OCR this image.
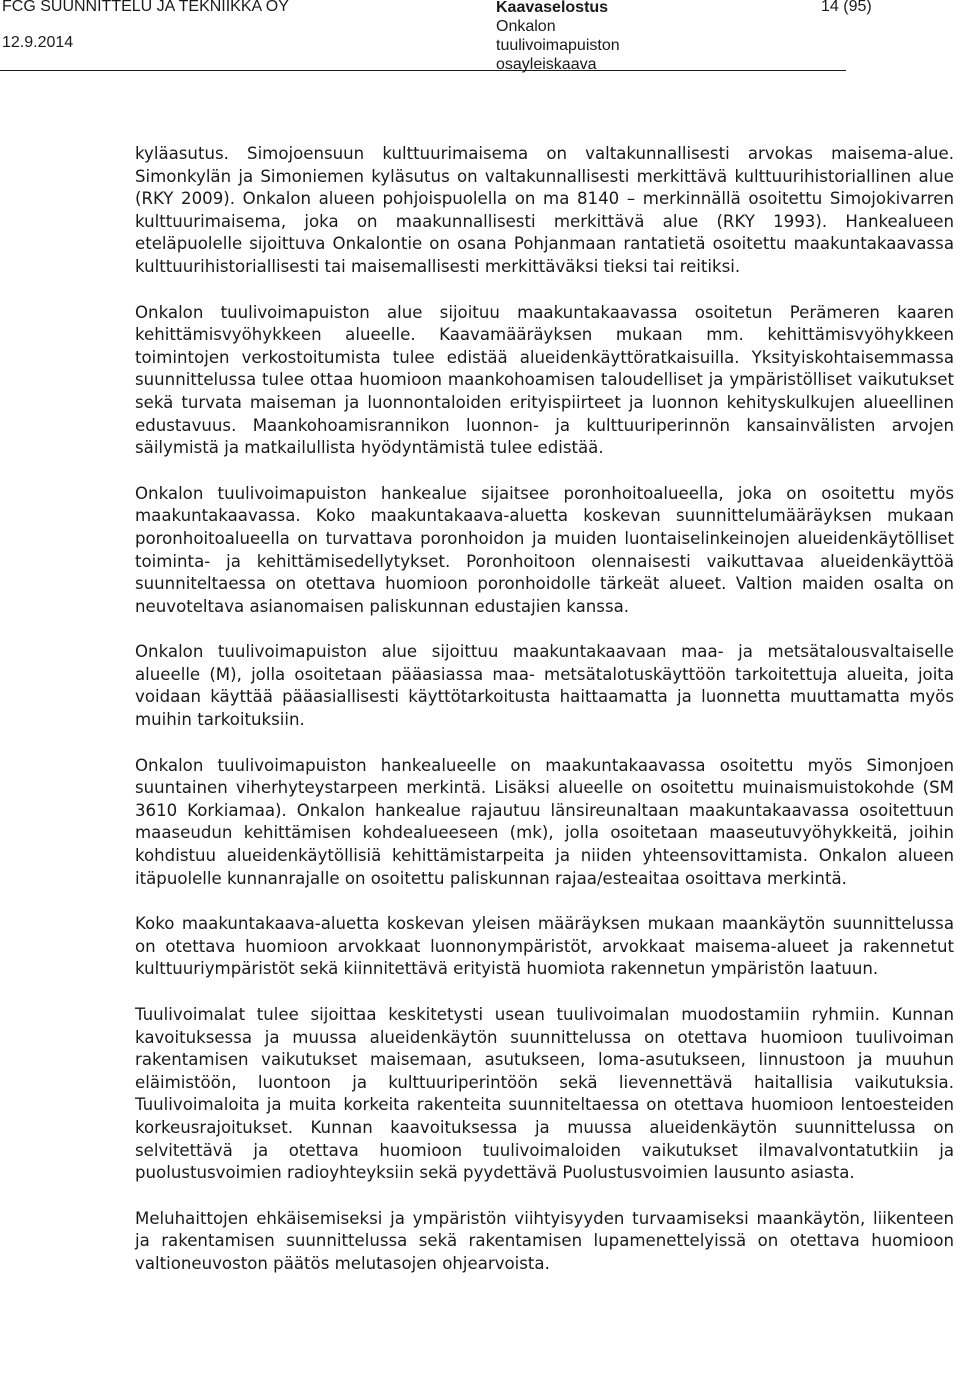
FCG SUUNNITTELU JA TEKNIIKKA OY
12.9.2014
Kaavaselostus
Onkalon
tuulivoimapuiston
osayleiskaava
14 (95)

kyläasutus. Simojoensuun kulttuurimaisema on valtakunnallisesti arvokas maisema-alue. Simonkylän ja Simoniemen kyläsutus on valtakunnallisesti merkittävä kulttuurihistoriallinen alue (RKY 2009). Onkalon alueen pohjoispuolella on ma 8140 – merkinnällä osoitettu Simojokivarren kulttuurimaisema, joka on maakunnallisesti merkittävä alue (RKY 1993). Hankealueen eteläpuolelle sijoittuva Onkalontie on osana Pohjanmaan rantatietä osoitettu maakuntakaavassa kulttuurihistoriallisesti tai maisemallisesti merkittäväksi tieksi tai reitiksi.

Onkalon tuulivoimapuiston alue sijoituu maakuntakaavassa osoitetun Perämeren kaaren kehittämisvyöhykkeen alueelle. Kaavamääräyksen mukaan mm. kehittämisvyöhykkeen toimintojen verkostoitumista tulee edistää alueidenkäyttöratkaisuilla. Yksityiskohtaisemmassa suunnittelussa tulee ottaa huomioon maankohoamisen taloudelliset ja ympäristölliset vaikutukset sekä turvata maiseman ja luonnontaloiden erityispiirteet ja luonnon kehityskulkujen alueellinen edustavuus. Maankohoamisrannikon luonnon- ja kulttuuriperinnön kansainvälisten arvojen säilymistä ja matkailullista hyödyntämistä tulee edistää.

Onkalon tuulivoimapuiston hankealue sijaitsee poronhoitoalueella, joka on osoitettu myös maakuntakaavassa. Koko maakuntakaava-aluetta koskevan suunnittelumääräyksen mukaan poronhoitoalueella on turvattava poronhoidon ja muiden luontaiselinkeinojen alueidenkäytölliset toiminta- ja kehittämisedellytykset. Poronhoitoon olennaisesti vaikuttavaa alueidenkäyttöä suunniteltaessa on otettava huomioon poronhoidolle tärkeät alueet. Valtion maiden osalta on neuvoteltava asianomaisen paliskunnan edustajien kanssa.

Onkalon tuulivoimapuiston alue sijoittuu maakuntakaavaan maa- ja metsätalousvaltaiselle alueelle (M), jolla osoitetaan pääasiassa maa- metsätalotuskäyttöön tarkoitettuja alueita, joita voidaan käyttää pääasiallisesti käyttötarkoitusta haittaamatta ja luonnetta muuttamatta myös muihin tarkoituksiin.

Onkalon tuulivoimapuiston hankealueelle on maakuntakaavassa osoitettu myös Simonjoen suuntainen viherhyteystarpeen merkintä. Lisäksi alueelle on osoitettu muinaismuistokohde (SM 3610 Korkiamaa). Onkalon hankealue rajautuu länsireunaltaan maakuntakaavassa osoitettuun maaseudun kehittämisen kohdealueeseen (mk), jolla osoitetaan maaseutuvyöhykkeitä, joihin kohdistuu alueidenkäytöllisiä kehittämistarpeita ja niiden yhteensovittamista. Onkalon alueen itäpuolelle kunnanrajalle on osoitettu paliskunnan rajaa/esteaitaa osoittava merkintä.

Koko maakuntakaava-aluetta koskevan yleisen määräyksen mukaan maankäytön suunnittelussa on otettava huomioon arvokkaat luonnonympäristöt, arvokkaat maisema-alueet ja rakennetut kulttuuriympäristöt sekä kiinnitettävä erityistä huomiota rakennetun ympäristön laatuun.

Tuulivoimalat tulee sijoittaa keskitetysti usean tuulivoimalan muodostamiin ryhmiin. Kunnan kavoituksessa ja muussa alueidenkäytön suunnittelussa on otettava huomioon tuulivoiman rakentamisen vaikutukset maisemaan, asutukseen, loma-asutukseen, linnustoon ja muuhun eläimistöön, luontoon ja kulttuuriperintöön sekä lievennettävä haitallisia vaikutuksia. Tuulivoimaloita ja muita korkeita rakenteita suunniteltaessa on otettava huomioon lentoesteiden korkeusrajoitukset. Kunnan kaavoituksessa ja muussa alueidenkäytön suunnittelussa on selvitettävä ja otettava huomioon tuulivoimaloiden vaikutukset ilmavalvontatutkiin ja puolustusvoimien radioyhteyksiin sekä pyydettävä Puolustusvoimien lausunto asiasta.

Meluhaittojen ehkäisemiseksi ja ympäristön viihtyisyyden turvaamiseksi maankäytön, liikenteen ja rakentamisen suunnittelussa sekä rakentamisen lupamenettelyissä on otettava huomioon valtioneuvoston päätös melutasojen ohjearvoista.
